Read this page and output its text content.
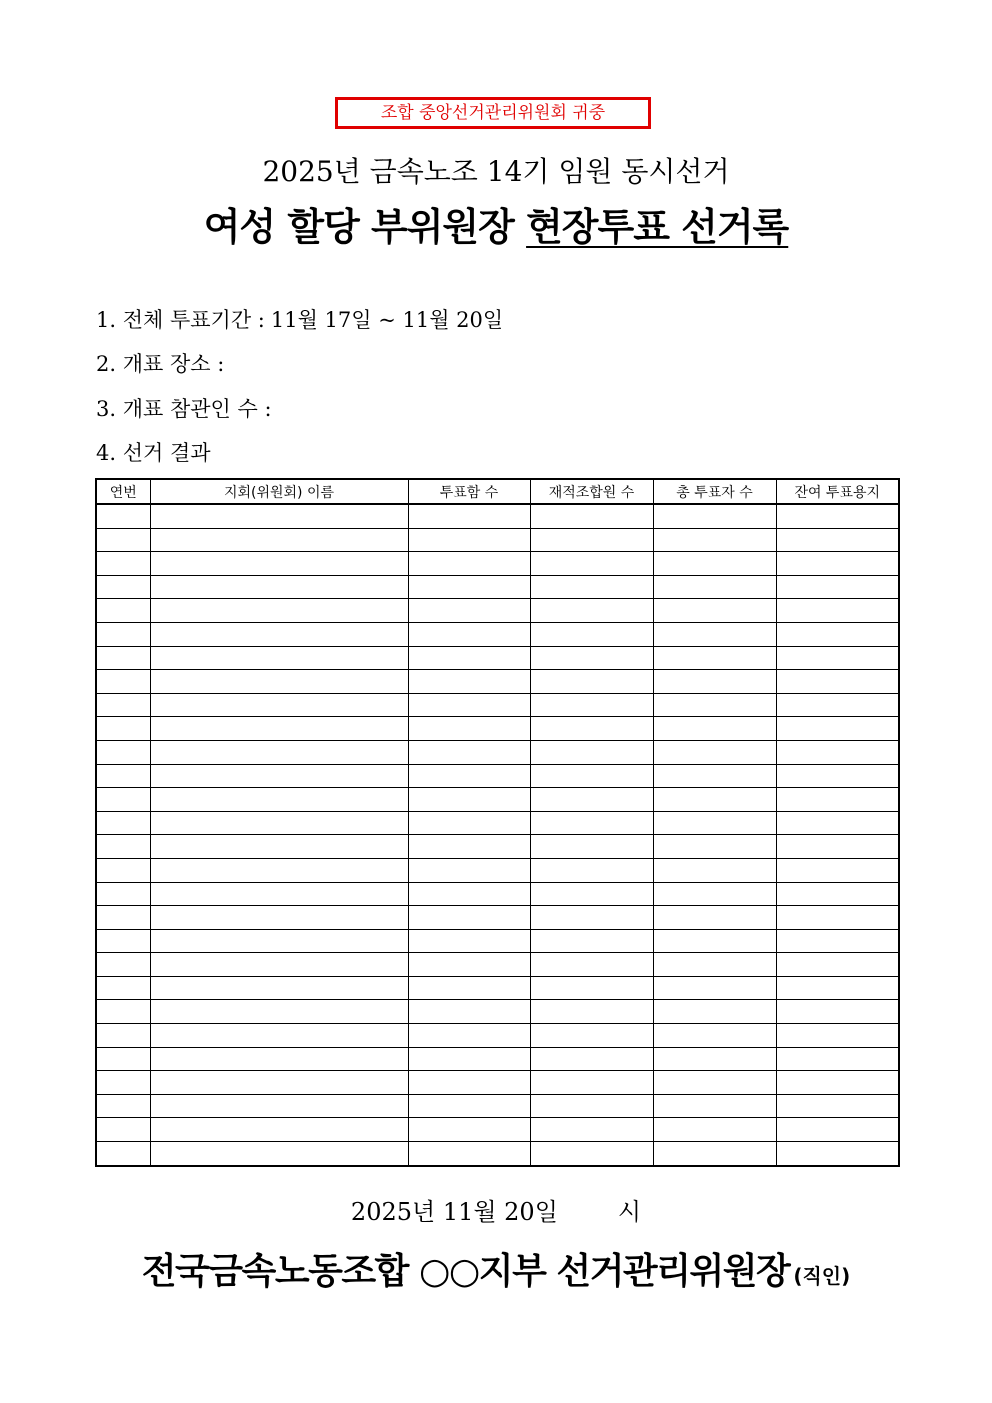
조합 중앙선거관리위원회 귀중
2025년 금속노조 14기 임원 동시선거
여성 할당 부위원장 현장투표 선거록
1. 전체 투표기간 : 11월 17일 ~ 11월 20일
2. 개표 장소 :
3. 개표 참관인 수 :
4. 선거 결과
연번	지회(위원회) 이름	투표함 수	재적조합원 수	총 투표자 수	잔여 투표용지

2025년 11월 20일	시
전국금속노동조합 ○○지부 선거관리위원장 (직인)
